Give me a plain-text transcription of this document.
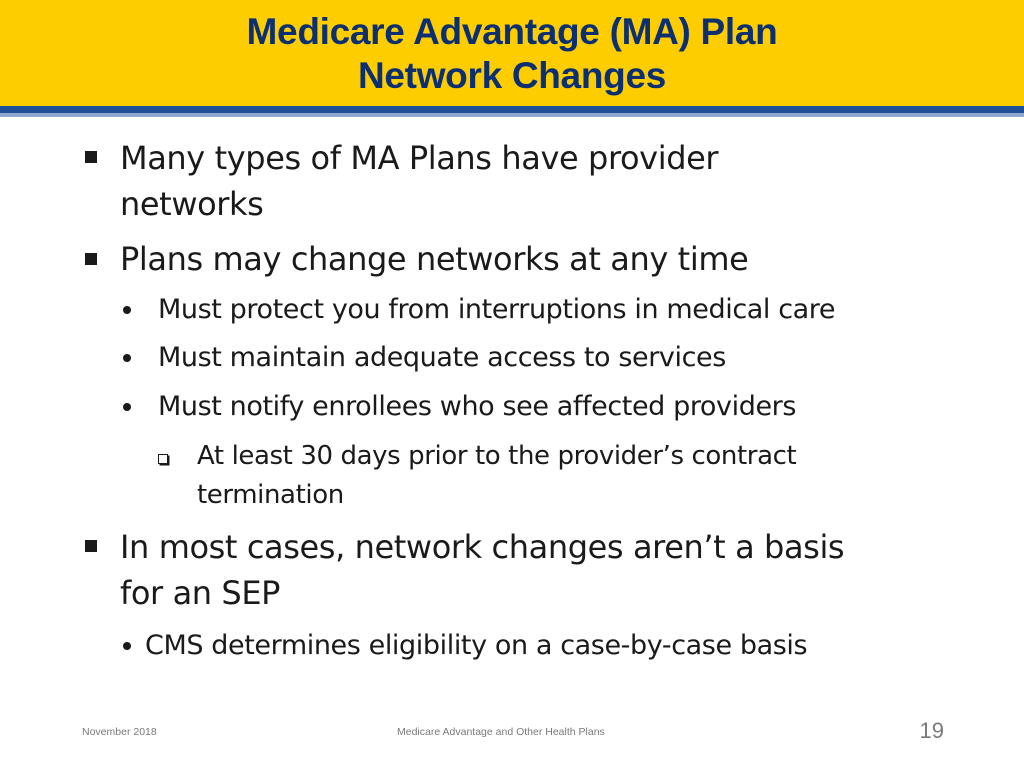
Medicare Advantage (MA) Plan
Network Changes
Many types of MA Plans have provider
networks
Plans may change networks at any time
Must protect you from interruptions in medical care
Must maintain adequate access to services
Must notify enrollees who see affected providers
At least 30 days prior to the provider’s contract
termination
In most cases, network changes aren’t a basis
for an SEP
CMS determines eligibility on a case-by-case basis
November 2018	Medicare Advantage and Other Health Plans	19
